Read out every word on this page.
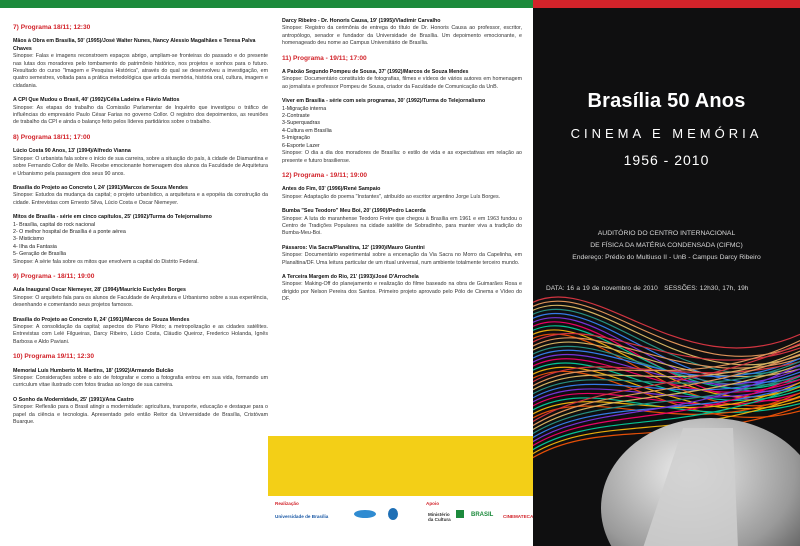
7) Programa 18/11; 12:30
Mãos à Obra em Brasília, 50' (1995)/José Walter Nunes, Nancy Alessio Magalhães e Teresa Palva Chaves
Sinopse: Falas e imagens reconstroem espaços abrigo, ampliam-se fronteiras do passado e do presente nas lutas dos moradores pelo tombamento do patrimônio histórico, nos projetos e sonhos para o futuro. Resultado do curso "Imagem e Pesquisa Histórica", através do qual se desenvolveu a investigação, em quatro semestres, voltada para a prática metodológica que articula memória, história oral, cultura, imagem e cidadania.
A CPI Que Mudou o Brasil, 40' (1992)/Célia Ladeira e Flávio Mattos
Sinopse: As etapas do trabalho da Comissão Parlamentar de Inquérito que investigou o tráfico de influências do empresário Paulo César Farias no governo Collor. O registro dos depoimentos, as reuniões de trabalho da CPI e ainda o balanço feito pelos líderes partidários sobre o trabalho.
8) Programa 18/11; 17:00
Lúcio Costa 90 Anos, 13' (1994)/Alfredo Vianna
Sinopse: O urbanista fala sobre o início de sua carreira, sobre a situação do país, à cidade de Diamantina e sobre Fernando Collor de Mello. Recebe emocionante homenagem dos alunos da Faculdade de Arquitetura e Urbanismo pela passagem dos seus 90 anos.
Brasília do Projeto ao Concreto I, 24' (1991)/Marcos de Souza Mendes
Sinopse: Estudos da mudança da capital; o projeto urbanístico, a arquitetura e a epopéia da construção da cidade. Entrevistas com Ernesto Silva, Lúcio Costa e Oscar Niemeyer.
Mitos de Brasília - série em cinco capítulos, 25' (1992)/Turma do Telejornalismo
1- Brasília, capital do rock nacional
2- O melhor hospital de Brasília é a ponte aérea
3- Misticismo
4- Ilha da Fantasia
5- Geração de Brasília
Sinopse: A série fala sobre os mitos que envolvem a capital do Distrito Federal.
9) Programa - 18/11; 19:00
Aula Inaugural Oscar Niemeyer, 28' (1994)/Maurício Euclydes Borges
Sinopse: O arquiteto fala para os alunos de Faculdade de Arquitetura e Urbanismo sobre a sua experiência, desenhando e comentando seus projetos famosos.
Brasília do Projeto ao Concreto II, 24' (1991)/Marcos de Souza Mendes
Sinopse: A consolidação da capital; aspectos do Plano Piloto; a metropolização e as cidades satélites. Entrevistas com Lelé Filgueiras, Darcy Ribeiro, Lúcio Costa, Cláudio Queiroz, Frederico Holanda, Ignês Barbosa e Aldo Paviani.
10) Programa 19/11; 12:30
Memorial Luís Humberto M. Martins, 18' (1992)/Armando Bulcão
Sinopse: Considerações sobre o ato de fotografar e como a fotografia entrou em sua vida, formando um curriculum vitae ilustrado com fotos tiradas ao longo de sua carreira.
O Sonho da Modernidade, 25' (1991)/Ana Castro
Sinopse: Reflexão para o Brasil atingir a modernidade: agricultura, transporte, educação e destaque para o papel da ciência e tecnologia. Apresentado pelo então Reitor da Universidade de Brasília, Cristóvam Buarque.
Darcy Ribeiro - Dr. Honoris Causa, 19' (1995)/Vladimir Carvalho
Sinopse: Registro da cerimônia de entrega do título de Dr. Honoris Causa ao professor, escritor, antropólogo, senador e fundador da Universidade de Brasília. Um depoimento emocionante, e homenageado deu nome ao Campus Universitário de Brasília.
11) Programa - 19/11; 17:00
A Paixão Segundo Pompeu de Sousa, 37' (1992)/Marcos de Souza Mendes
Sinopse: Documentário constituído de fotografias, filmes e vídeos de vários autores em homenagem ao jornalista e professor Pompeu de Sousa, criador da Faculdade de Comunicação da UnB.
Viver em Brasília - série com seis programas, 30' (1992)/Turma do Telejornalismo
1-Migração interna
2-Contraste
3-Superquadras
4-Cultura em Brasília
5-Imigração
6-Esporte Lazer
Sinopse: O dia a dia dos moradores de Brasília: o estilo de vida e as expectativas em relação ao presente e futuro brasiliense.
12) Programa - 19/11; 19:00
Antes do Fim, 03' (1996)/René Sampaio
Sinopse: Adaptação do poema "Instantes", atribuído ao escritor argentino Jorge Luís Borges.
Bumba "Seu Teodoro" Meu Boi, 20' (1990)/Pedro Lacerda
Sinopse: A luta do maranhense Teodoro Freire que chegou à Brasília em 1961 e em 1963 fundou o Centro de Tradições Populares na cidade satélite de Sobradinho, para manter viva a tradição do Bumba-Meu-Boi.
Pássaros: Via Sacra/Planaltina, 12' (1990)/Mauro Giuntini
Sinopse: Documentário experimental sobre a encenação da Via Sacra no Morro da Capelinha, em Planaltina/DF. Uma leitura particular de um ritual universal, num ambiente totalmente terceiro mundo.
A Terceira Margem do Rio, 21' (1993)/José D'Arrochela
Sinopse: Making-Off do planejamento e realização do filme baseado na obra de Guimarães Rosa e dirigido por Nelson Pereira dos Santos. Primeiro projeto aprovado pelo Pólo de Cinema e Vídeo do DF.
Realização	Apoio
Universidade de Brasília	Ministério da Cultura
BRASIL CINEMATECA
Brasília 50 Anos
CINEMA E MEMÓRIA
1956 - 2010
AUDITÓRIO DO CENTRO INTERNACIONAL
DE FÍSICA DA MATÉRIA CONDENSADA (CIFMC)
Endereço: Prédio do Multiuso II - UnB - Campus Darcy Ribeiro
DATA: 16 a 19 de novembro de 2010 SESSÕES: 12h30, 17h, 19h
